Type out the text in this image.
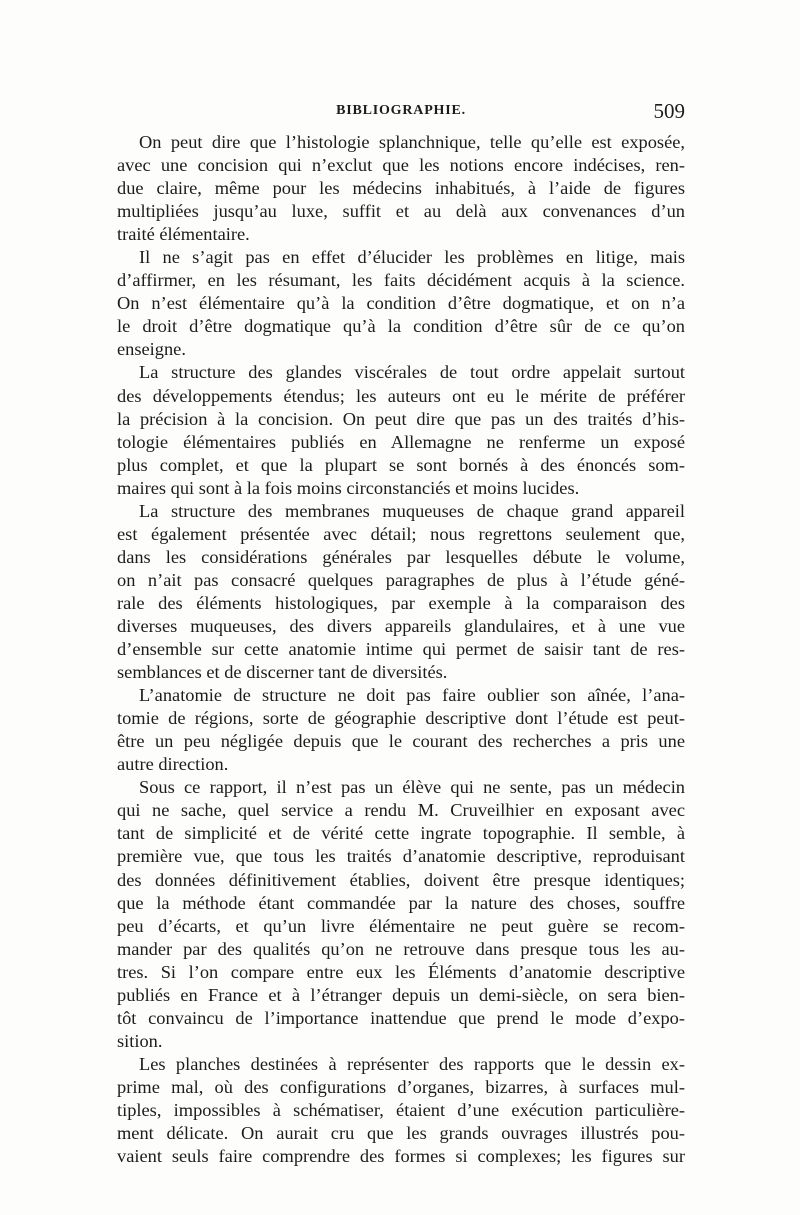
BIBLIOGRAPHIE.	509
On peut dire que l’histologie splanchnique, telle qu’elle est exposée,
avec une concision qui n’exclut que les notions encore indécises, ren-
due claire, même pour les médecins inhabitués, à l’aide de figures
multipliées jusqu’au luxe, suffit et au delà aux convenances d’un
traité élémentaire.
Il ne s’agit pas en effet d’élucider les problèmes en litige, mais
d’affirmer, en les résumant, les faits décidément acquis à la science.
On n’est élémentaire qu’à la condition d’être dogmatique, et on n’a
le droit d’être dogmatique qu’à la condition d’être sûr de ce qu’on
enseigne.
La structure des glandes viscérales de tout ordre appelait surtout
des développements étendus; les auteurs ont eu le mérite de préférer
la précision à la concision. On peut dire que pas un des traités d’his-
tologie élémentaires publiés en Allemagne ne renferme un exposé
plus complet, et que la plupart se sont bornés à des énoncés som-
maires qui sont à la fois moins circonstanciés et moins lucides.
La structure des membranes muqueuses de chaque grand appareil
est également présentée avec détail; nous regrettons seulement que,
dans les considérations générales par lesquelles débute le volume,
on n’ait pas consacré quelques paragraphes de plus à l’étude géné-
rale des éléments histologiques, par exemple à la comparaison des
diverses muqueuses, des divers appareils glandulaires, et à une vue
d’ensemble sur cette anatomie intime qui permet de saisir tant de res-
semblances et de discerner tant de diversités.
L’anatomie de structure ne doit pas faire oublier son aînée, l’ana-
tomie de régions, sorte de géographie descriptive dont l’étude est peut-
être un peu négligée depuis que le courant des recherches a pris une
autre direction.
Sous ce rapport, il n’est pas un élève qui ne sente, pas un médecin
qui ne sache, quel service a rendu M. Cruveilhier en exposant avec
tant de simplicité et de vérité cette ingrate topographie. Il semble, à
première vue, que tous les traités d’anatomie descriptive, reproduisant
des données définitivement établies, doivent être presque identiques;
que la méthode étant commandée par la nature des choses, souffre
peu d’écarts, et qu’un livre élémentaire ne peut guère se recom-
mander par des qualités qu’on ne retrouve dans presque tous les au-
tres. Si l’on compare entre eux les Éléments d’anatomie descriptive
publiés en France et à l’étranger depuis un demi-siècle, on sera bien-
tôt convaincu de l’importance inattendue que prend le mode d’expo-
sition.
Les planches destinées à représenter des rapports que le dessin ex-
prime mal, où des configurations d’organes, bizarres, à surfaces mul-
tiples, impossibles à schématiser, étaient d’une exécution particulière-
ment délicate. On aurait cru que les grands ouvrages illustrés pou-
vaient seuls faire comprendre des formes si complexes; les figures sur
